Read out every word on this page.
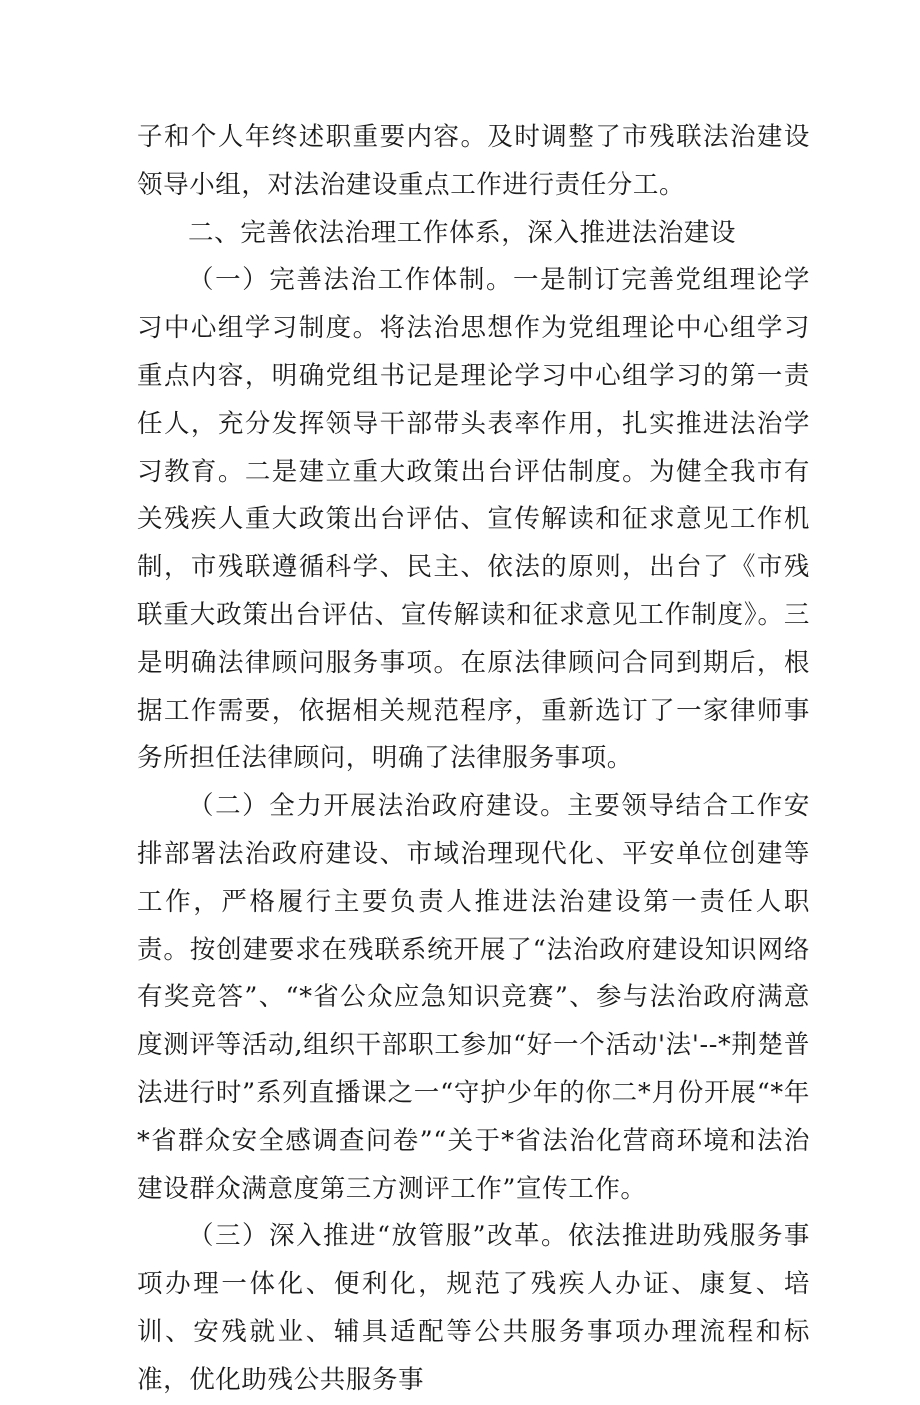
子和个人年终述职重要内容。及时调整了市残联法治建设领导小组，对法治建设重点工作进行责任分工。

二、完善依法治理工作体系，深入推进法治建设

（一）完善法治工作体制。一是制订完善党组理论学习中心组学习制度。将法治思想作为党组理论中心组学习重点内容，明确党组书记是理论学习中心组学习的第一责任人，充分发挥领导干部带头表率作用，扎实推进法治学习教育。二是建立重大政策出台评估制度。为健全我市有关残疾人重大政策出台评估、宣传解读和征求意见工作机制，市残联遵循科学、民主、依法的原则，出台了《市残联重大政策出台评估、宣传解读和征求意见工作制度》。三是明确法律顾问服务事项。在原法律顾问合同到期后，根据工作需要，依据相关规范程序，重新选订了一家律师事务所担任法律顾问，明确了法律服务事项。

（二）全力开展法治政府建设。主要领导结合工作安排部署法治政府建设、市域治理现代化、平安单位创建等工作，严格履行主要负责人推进法治建设第一责任人职责。按创建要求在残联系统开展了“法治政府建设知识网络有奖竞答”、“*省公众应急知识竞赛”、参与法治政府满意度测评等活动,组织干部职工参加“好一个活动'法'--*荆楚普法进行时”系列直播课之一“守护少年的你二*月份开展“*年*省群众安全感调查问卷”“关于*省法治化营商环境和法治建设群众满意度第三方测评工作”宣传工作。

（三）深入推进“放管服”改革。依法推进助残服务事项办理一体化、便利化，规范了残疾人办证、康复、培训、安残就业、辅具适配等公共服务事项办理流程和标准，优化助残公共服务事
